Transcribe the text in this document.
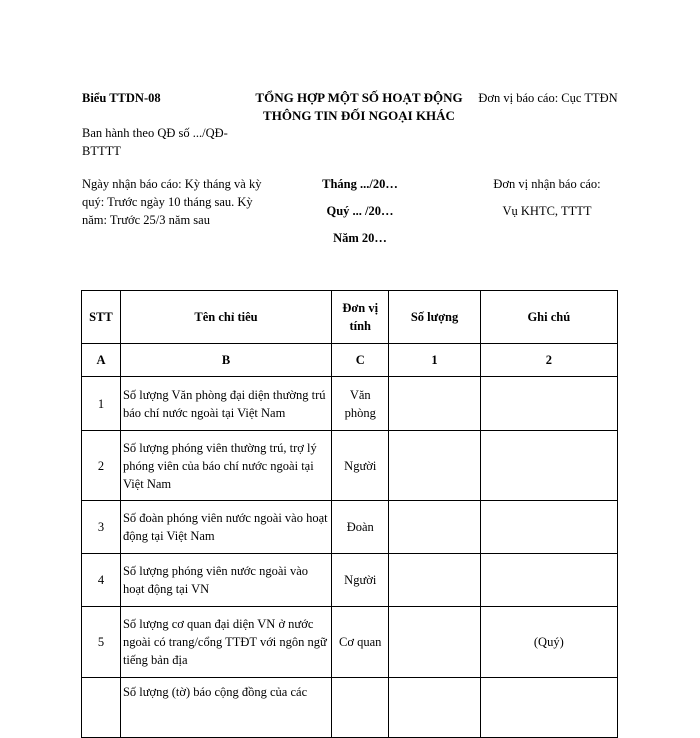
Biểu TTDN-08
Ban hành theo QĐ số .../QĐ-BTTTT
Ngày nhận báo cáo: Kỳ tháng và kỳ quý: Trước ngày 10 tháng sau. Kỳ năm: Trước 25/3 năm sau
TỔNG HỢP MỘT SỐ HOẠT ĐỘNG THÔNG TIN ĐỐI NGOẠI KHÁC
Tháng .../20…
Quý ... /20…
Năm 20…
Đơn vị báo cáo: Cục TTĐN
Đơn vị nhận báo cáo:
Vụ KHTC, TTTT
STT	Tên chỉ tiêu	Đơn vị tính	Số lượng	Ghi chú
A	B	C	1	2
1	Số lượng Văn phòng đại diện thường trú báo chí nước ngoài tại Việt Nam	Văn phòng		
2	Số lượng phóng viên thường trú, trợ lý phóng viên của báo chí nước ngoài tại Việt Nam	Người		
3	Số đoàn phóng viên nước ngoài vào hoạt động tại Việt Nam	Đoàn		
4	Số lượng phóng viên nước ngoài vào hoạt động tại VN	Người		
5	Số lượng cơ quan đại diện VN ở nước ngoài có trang/cổng TTĐT với ngôn ngữ tiếng bản địa	Cơ quan		(Quý)
	Số lượng (tờ) báo cộng đồng của các			
